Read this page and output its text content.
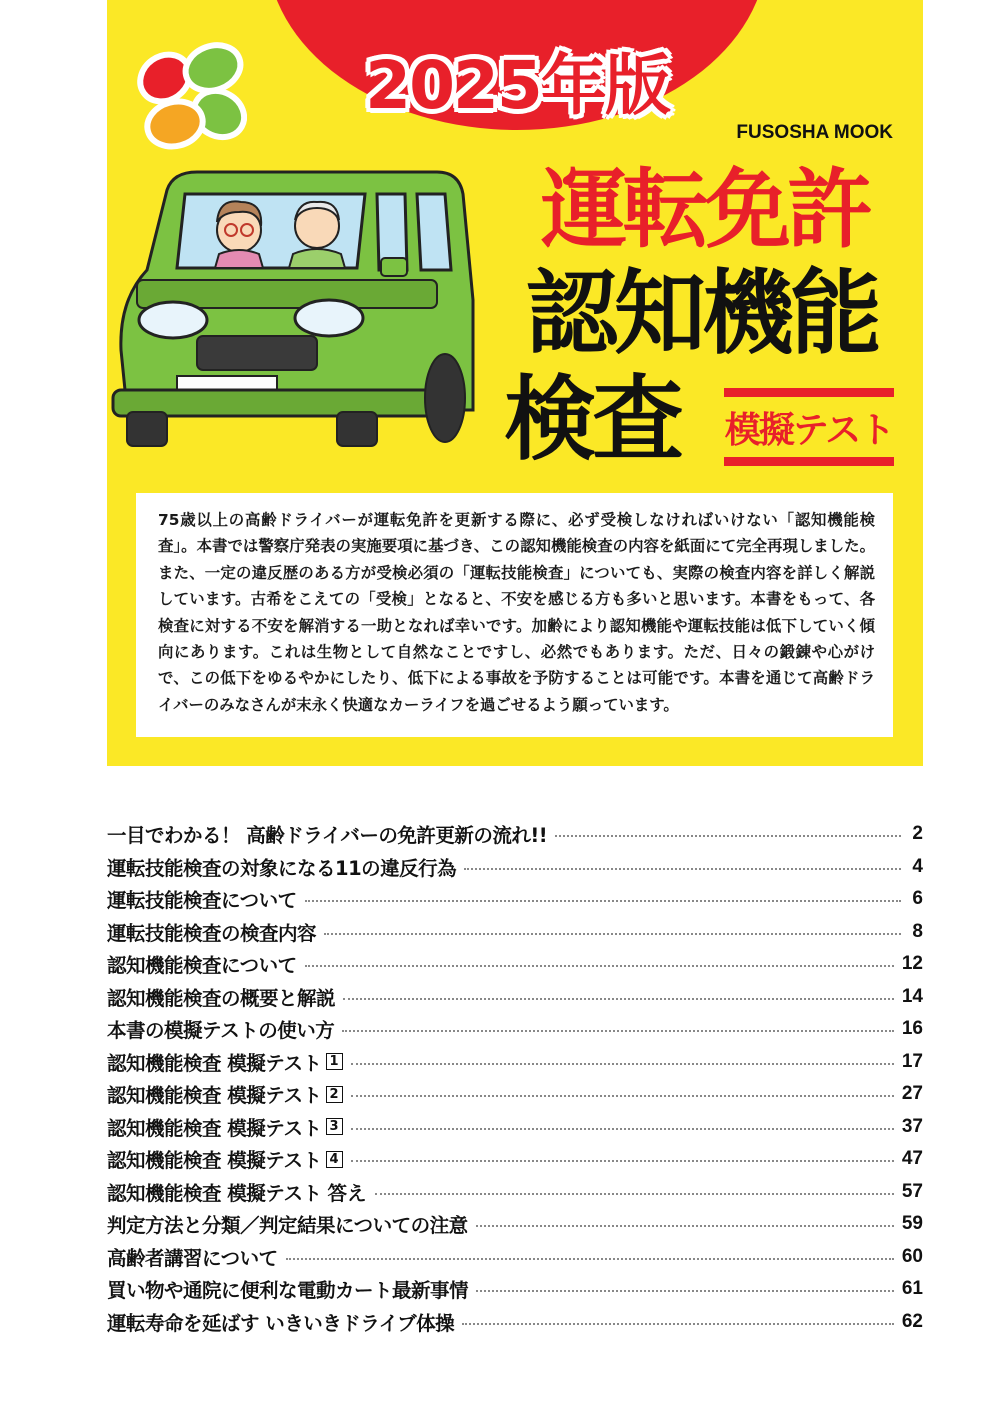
2025年版
FUSOSHA MOOK
運転免許
認知機能
検査 模擬テスト

75歳以上の高齢ドライバーが運転免許を更新する際に、必ず受検しなければいけない「認知機能検査」。本書では警察庁発表の実施要項に基づき、この認知機能検査の内容を紙面にて完全再現しました。また、一定の違反歴のある方が受検必須の「運転技能検査」についても、実際の検査内容を詳しく解説しています。古希をこえての「受検」となると、不安を感じる方も多いと思います。本書をもって、各検査に対する不安を解消する一助となれば幸いです。加齢により認知機能や運転技能は低下していく傾向にあります。これは生物として自然なことですし、必然でもあります。ただ、日々の鍛錬や心がけで、この低下をゆるやかにしたり、低下による事故を予防することは可能です。本書を通じて高齢ドライバーのみなさんが末永く快適なカーライフを過ごせるよう願っています。

一目でわかる！ 高齢ドライバーの免許更新の流れ!!	2
運転技能検査の対象になる11の違反行為	4
運転技能検査について	6
運転技能検査の検査内容	8
認知機能検査について	12
認知機能検査の概要と解説	14
本書の模擬テストの使い方	16
認知機能検査 模擬テスト 1	17
認知機能検査 模擬テスト 2	27
認知機能検査 模擬テスト 3	37
認知機能検査 模擬テスト 4	47
認知機能検査 模擬テスト 答え	57
判定方法と分類／判定結果についての注意	59
高齢者講習について	60
買い物や通院に便利な電動カート最新事情	61
運転寿命を延ばす いきいきドライブ体操	62
